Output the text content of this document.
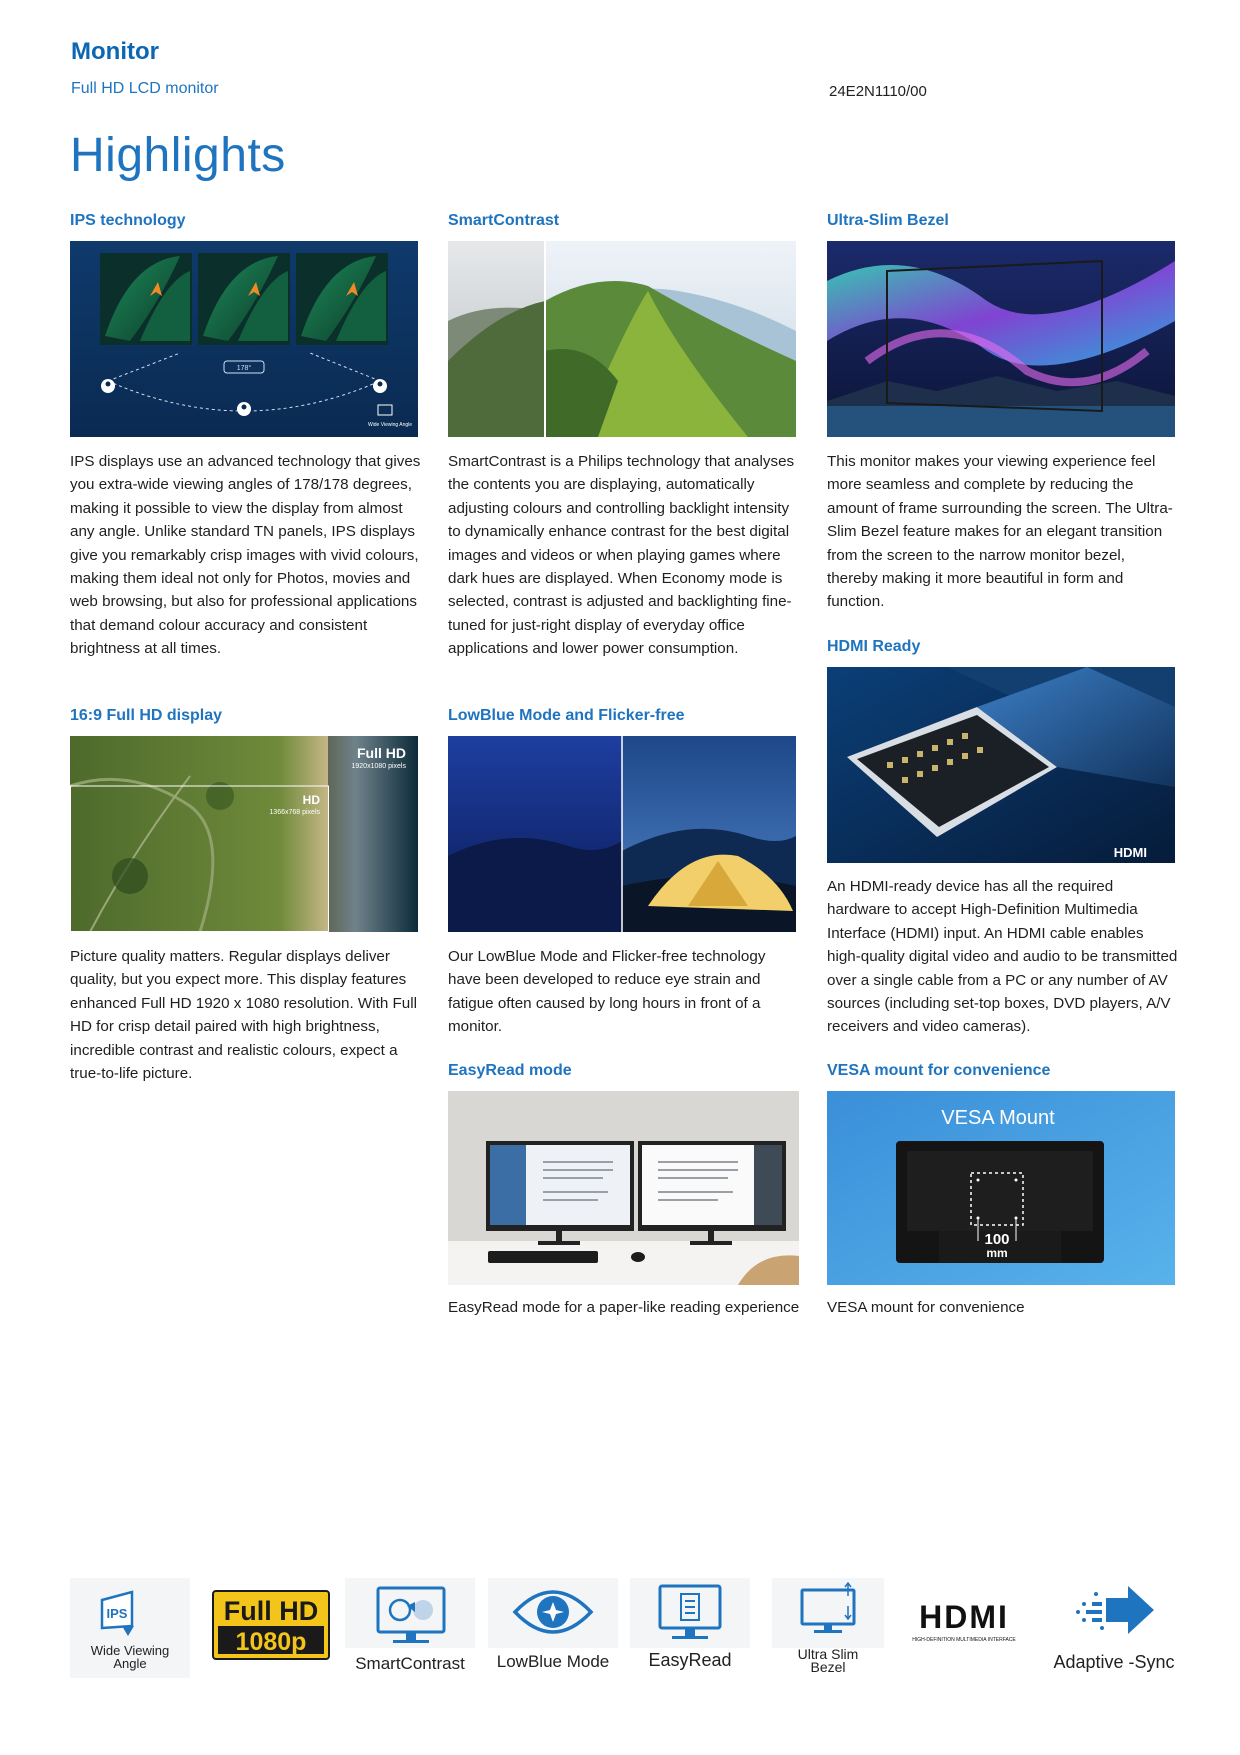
Monitor
Full HD LCD monitor	24E2N1110/00
Highlights
IPS technology
178°
Wide Viewing Angle
IPS displays use an advanced technology that gives you extra-wide viewing angles of 178/178 degrees, making it possible to view the display from almost any angle. Unlike standard TN panels, IPS displays give you remarkably crisp images with vivid colours, making them ideal not only for Photos, movies and web browsing, but also for professional applications that demand colour accuracy and consistent brightness at all times.
SmartContrast
SmartContrast is a Philips technology that analyses the contents you are displaying, automatically adjusting colours and controlling backlight intensity to dynamically enhance contrast for the best digital images and videos or when playing games where dark hues are displayed. When Economy mode is selected, contrast is adjusted and backlighting fine-tuned for just-right display of everyday office applications and lower power consumption.
Ultra-Slim Bezel
This monitor makes your viewing experience feel more seamless and complete by reducing the amount of frame surrounding the screen. The Ultra-Slim Bezel feature makes for an elegant transition from the screen to the narrow monitor bezel, thereby making it more beautiful in form and function.
HDMI Ready
HDMI
An HDMI-ready device has all the required hardware to accept High-Definition Multimedia Interface (HDMI) input. An HDMI cable enables high-quality digital video and audio to be transmitted over a single cable from a PC or any number of AV sources (including set-top boxes, DVD players, A/V receivers and video cameras).
16:9 Full HD display
Full HD
1920x1080 pixels
HD
1366x768 pixels
Picture quality matters. Regular displays deliver quality, but you expect more. This display features enhanced Full HD 1920 x 1080 resolution. With Full HD for crisp detail paired with high brightness, incredible contrast and realistic colours, expect a true-to-life picture.
LowBlue Mode and Flicker-free
Our LowBlue Mode and Flicker-free technology have been developed to reduce eye strain and fatigue often caused by long hours in front of a monitor.
EasyRead mode
EasyRead mode for a paper-like reading experience
VESA mount for convenience
VESA Mount
100
mm
VESA mount for convenience
IPS
Wide Viewing
Angle
Full HD
1080p
SmartContrast	LowBlue Mode	EasyRead	Ultra Slim
Bezel
HDMI
HIGH-DEFINITION MULTIMEDIA INTERFACE
Adaptive -Sync
